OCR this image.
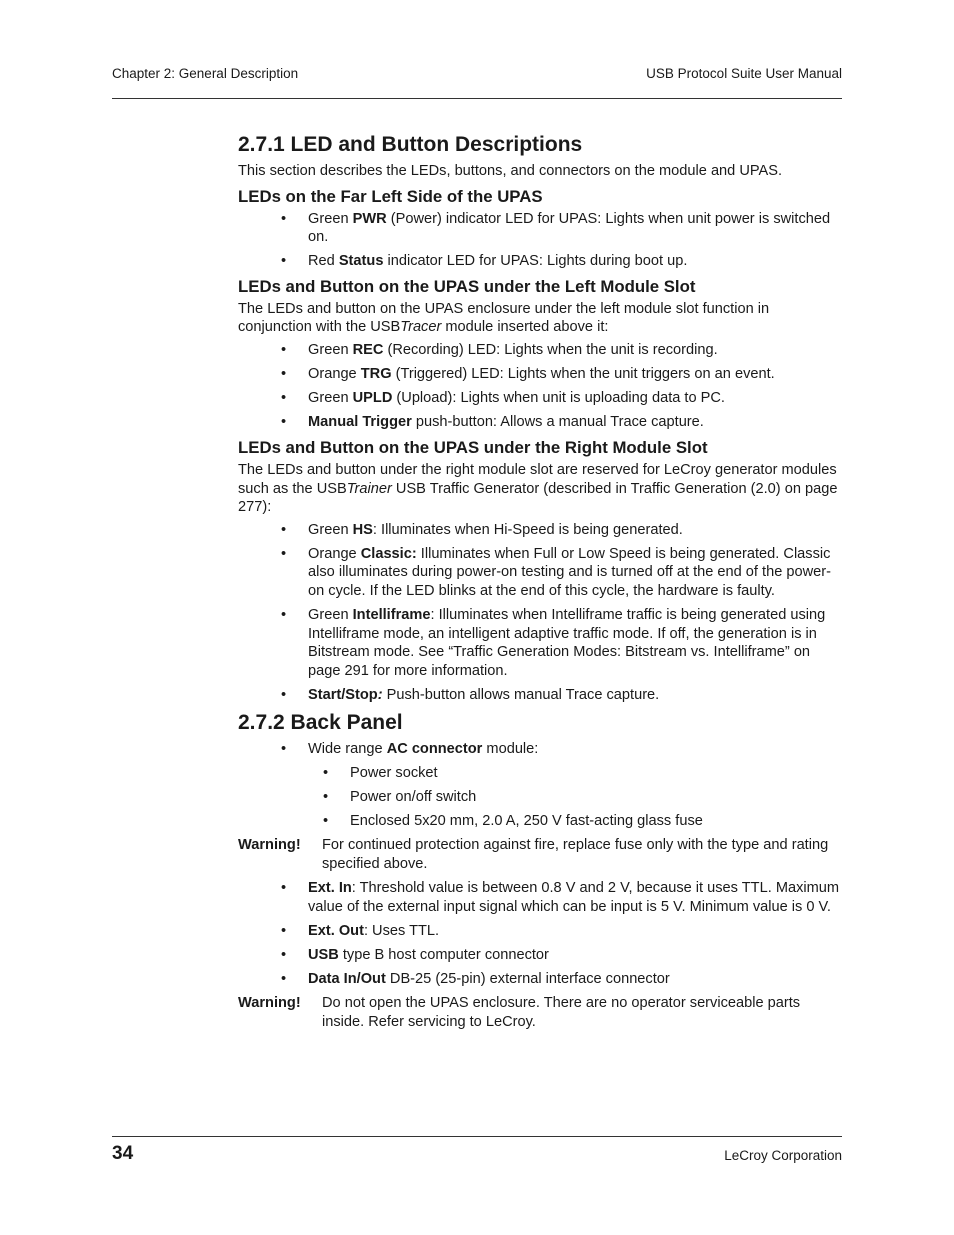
Chapter 2: General Description	USB Protocol Suite User Manual
2.7.1 LED and Button Descriptions

This section describes the LEDs, buttons, and connectors on the module and UPAS.

LEDs on the Far Left Side of the UPAS
• Green PWR (Power) indicator LED for UPAS: Lights when unit power is switched on.
• Red Status indicator LED for UPAS: Lights during boot up.
LEDs and Button on the UPAS under the Left Module Slot

The LEDs and button on the UPAS enclosure under the left module slot function in conjunction with the USBTracer module inserted above it:

• Green REC (Recording) LED: Lights when the unit is recording.
• Orange TRG (Triggered) LED: Lights when the unit triggers on an event.
• Green UPLD (Upload): Lights when unit is uploading data to PC.
• Manual Trigger push-button: Allows a manual Trace capture.
LEDs and Button on the UPAS under the Right Module Slot

The LEDs and button under the right module slot are reserved for LeCroy generator modules such as the USBTrainer USB Traffic Generator (described in Traffic Generation (2.0) on page 277):

• Green HS: Illuminates when Hi-Speed is being generated.
• Orange Classic: Illuminates when Full or Low Speed is being generated. Classic also illuminates during power-on testing and is turned off at the end of the power-on cycle. If the LED blinks at the end of this cycle, the hardware is faulty.
• Green Intelliframe: Illuminates when Intelliframe traffic is being generated using Intelliframe mode, an intelligent adaptive traffic mode. If off, the generation is in Bitstream mode. See “Traffic Generation Modes: Bitstream vs. Intelliframe” on page 291 for more information.
• Start/Stop: Push-button allows manual Trace capture.
2.7.2 Back Panel
• Wide range AC connector module:
• Power socket
• Power on/off switch
• Enclosed 5x20 mm, 2.0 A, 250 V fast-acting glass fuse
Warning!	For continued protection against fire, replace fuse only with the type and rating specified above.
• Ext. In: Threshold value is between 0.8 V and 2 V, because it uses TTL. Maximum value of the external input signal which can be input is 5 V. Minimum value is 0 V.
• Ext. Out: Uses TTL.
• USB type B host computer connector
• Data In/Out DB-25 (25-pin) external interface connector
Warning!	Do not open the UPAS enclosure. There are no operator serviceable parts inside. Refer servicing to LeCroy.
34	LeCroy Corporation
